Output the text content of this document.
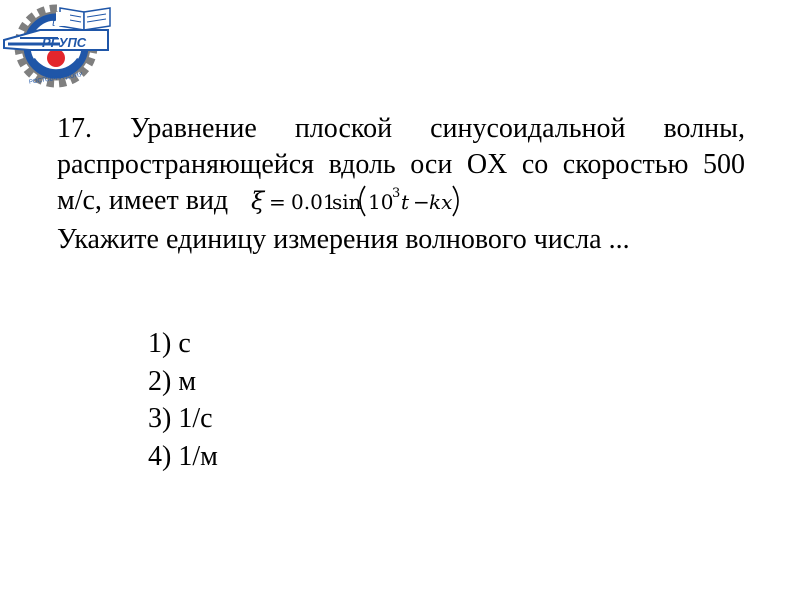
t
РГУПС
РОСТОВ-НА-ДОНУ
17. Уравнение плоской синусоидальной волны,
распространяющейся вдоль оси OX со скоростью 500
м/с, имеет вид ξ = 0.01
sin 10
3 t − kx
Укажите единицу измерения волнового числа ...
1) с
2) м
3) 1/с
4) 1/м
